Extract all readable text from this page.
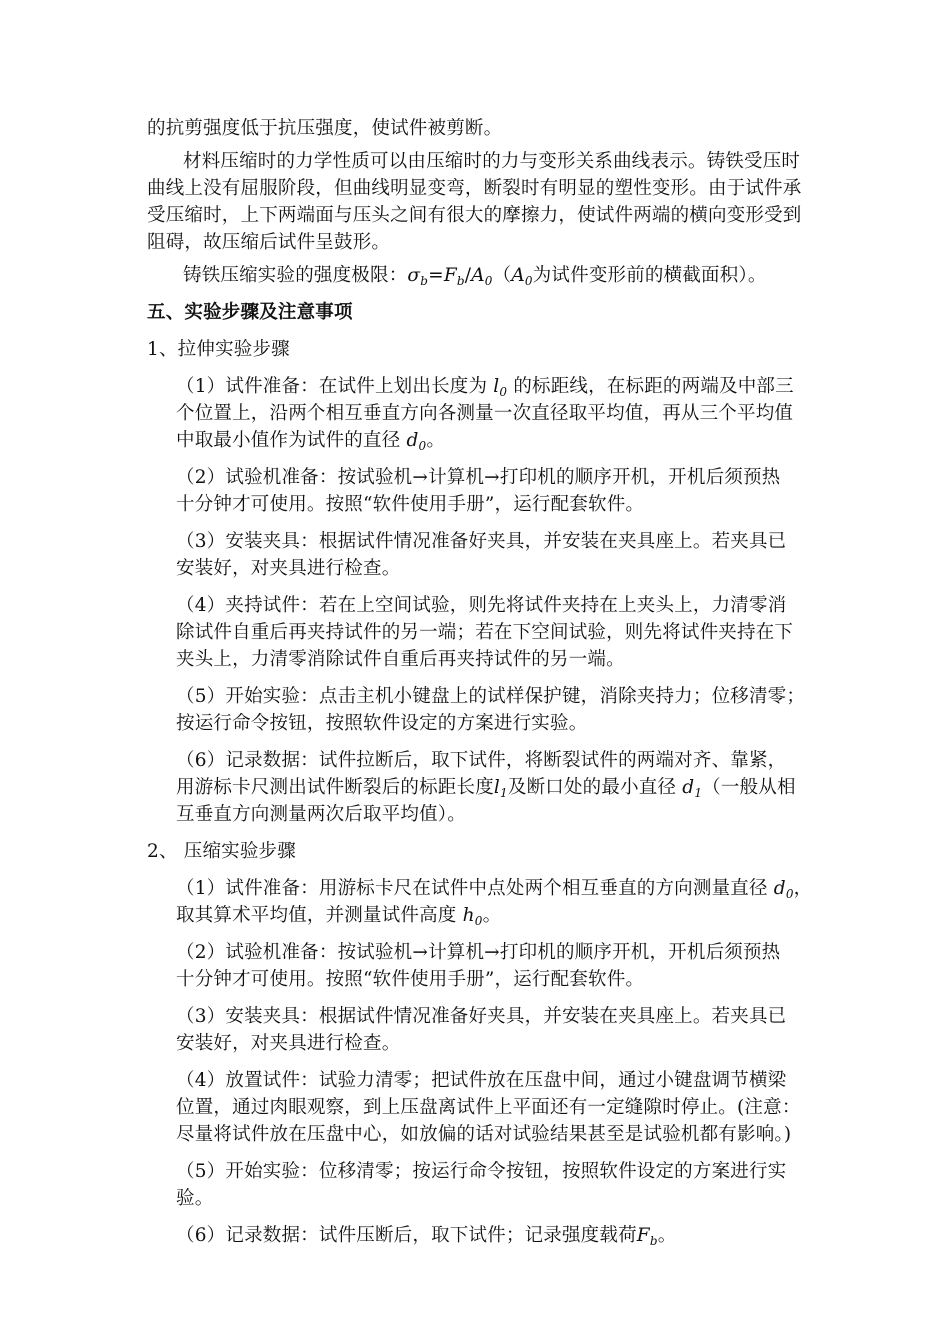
的抗剪强度低于抗压强度，使试件被剪断。
材料压缩时的力学性质可以由压缩时的力与变形关系曲线表示。铸铁受压时
曲线上没有屈服阶段，但曲线明显变弯，断裂时有明显的塑性变形。由于试件承
受压缩时，上下两端面与压头之间有很大的摩擦力，使试件两端的横向变形受到
阻碍，故压缩后试件呈鼓形。
铸铁压缩实验的强度极限：$\sigma_b=F_b/A_0(A_0$为试件变形前的横截面积）。
五、实验步骤及注意事项
1、拉伸实验步骤
（1）试件准备：在试件上划出长度为 $l_0$ 的标距线，在标距的两端及中部三
个位置上，沿两个相互垂直方向各测量一次直径取平均值，再从三个平均值
中取最小值作为试件的直径 $d_0$。
（2）试验机准备：按试验机→计算机→打印机的顺序开机，开机后须预热
十分钟才可使用。按照“软件使用手册”，运行配套软件。
（3）安装夹具：根据试件情况准备好夹具，并安装在夹具座上。若夹具已
安装好，对夹具进行检查。
（4）夹持试件：若在上空间试验，则先将试件夹持在上夹头上，力清零消
除试件自重后再夹持试件的另一端；若在下空间试验，则先将试件夹持在下
夹头上，力清零消除试件自重后再夹持试件的另一端。
（5）开始实验：点击主机小键盘上的试样保护键，消除夹持力；位移清零；
按运行命令按钮，按照软件设定的方案进行实验。
（6）记录数据：试件拉断后，取下试件，将断裂试件的两端对齐、靠紧，
用游标卡尺测出试件断裂后的标距长度$l_1$及断口处的最小直径 $d_1$（一般从相
互垂直方向测量两次后取平均值）。
2、 压缩实验步骤
（1）试件准备：用游标卡尺在试件中点处两个相互垂直的方向测量直径 $d_0$，
取其算术平均值，并测量试件高度 $h_0$。
（2）试验机准备：按试验机→计算机→打印机的顺序开机，开机后须预热
十分钟才可使用。按照“软件使用手册”，运行配套软件。
（3）安装夹具：根据试件情况准备好夹具，并安装在夹具座上。若夹具已
安装好，对夹具进行检查。
（4）放置试件：试验力清零；把试件放在压盘中间，通过小键盘调节横梁
位置，通过肉眼观察，到上压盘离试件上平面还有一定缝隙时停止。(注意：
尽量将试件放在压盘中心，如放偏的话对试验结果甚至是试验机都有影响。)
（5）开始实验：位移清零；按运行命令按钮，按照软件设定的方案进行实
验。
（6）记录数据：试件压断后，取下试件；记录强度载荷$F_b$。
